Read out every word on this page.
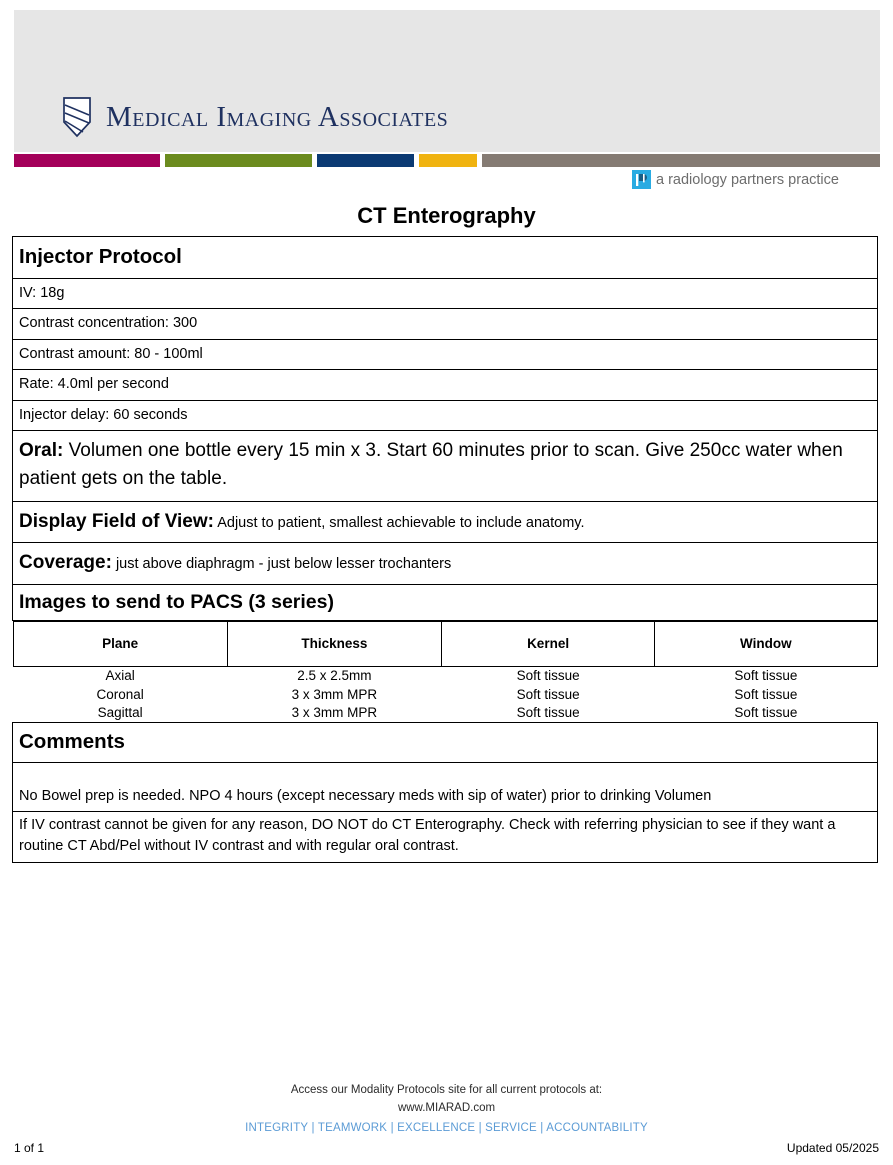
Medical Imaging Associates
a radiology partners practice
CT Enterography
Injector Protocol
IV: 18g
Contrast concentration: 300
Contrast amount: 80 - 100ml
Rate: 4.0ml per second
Injector delay: 60 seconds
Oral: Volumen one bottle every 15 min x 3. Start 60 minutes prior to scan. Give 250cc water when patient gets on the table.
Display Field of View: Adjust to patient, smallest achievable to include anatomy.
Coverage: just above diaphragm - just below lesser trochanters
Images to send to PACS (3 series)

Plane	Thickness	Kernel	Window
Axial	2.5 x 2.5mm	Soft tissue	Soft tissue
Coronal	3 x 3mm MPR	Soft tissue	Soft tissue
Sagittal	3 x 3mm MPR	Soft tissue	Soft tissue

Comments
No Bowel prep is needed. NPO 4 hours (except necessary meds with sip of water) prior to drinking Volumen
If IV contrast cannot be given for any reason, DO NOT do CT Enterography. Check with referring physician to see if they want a routine CT Abd/Pel without IV contrast and with regular oral contrast.
Access our Modality Protocols site for all current protocols at:
www.MIARAD.com
INTEGRITY | TEAMWORK | EXCELLENCE | SERVICE | ACCOUNTABILITY
1 of 1	Updated 05/2025
